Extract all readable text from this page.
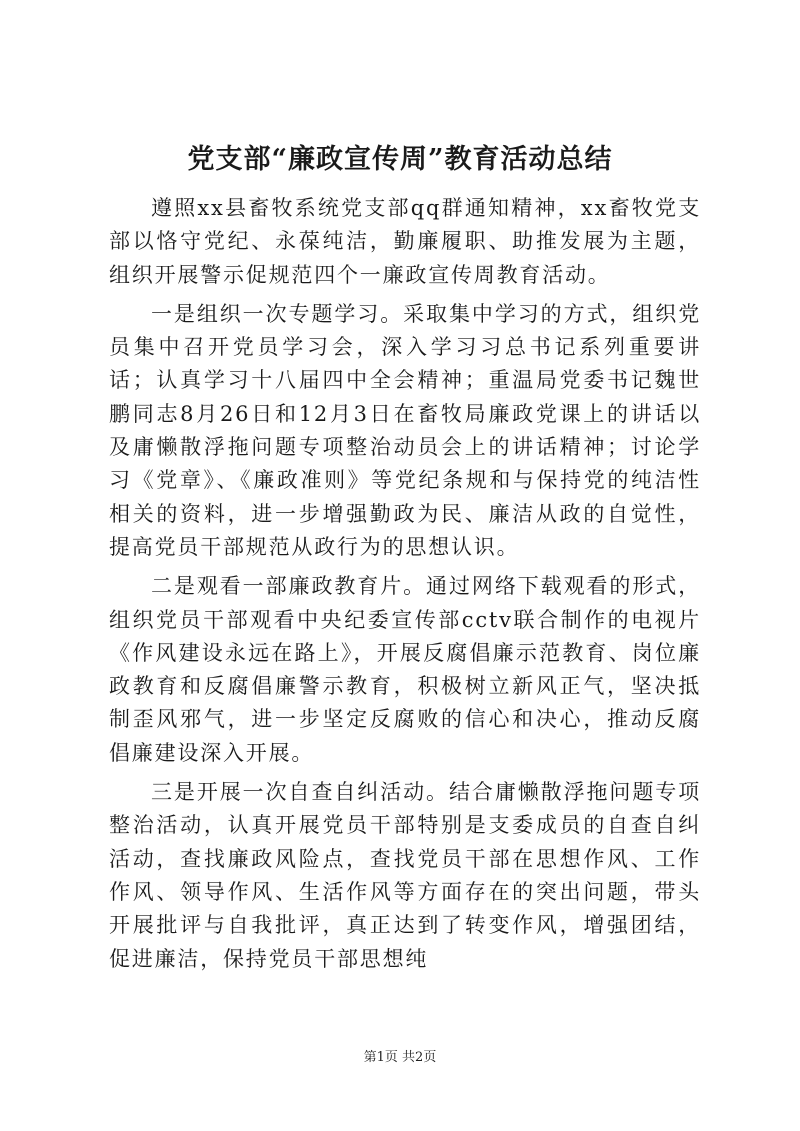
党支部“廉政宣传周”教育活动总结

遵照xx县畜牧系统党支部qq群通知精神，xx畜牧党支部以恪守党纪、永葆纯洁，勤廉履职、助推发展为主题，组织开展警示促规范四个一廉政宣传周教育活动。

一是组织一次专题学习。采取集中学习的方式，组织党员集中召开党员学习会，深入学习习总书记系列重要讲话；认真学习十八届四中全会精神；重温局党委书记魏世鹏同志8月26日和12月3日在畜牧局廉政党课上的讲话以及庸懒散浮拖问题专项整治动员会上的讲话精神；讨论学习《党章》、《廉政准则》等党纪条规和与保持党的纯洁性相关的资料，进一步增强勤政为民、廉洁从政的自觉性，提高党员干部规范从政行为的思想认识。

二是观看一部廉政教育片。通过网络下载观看的形式，组织党员干部观看中央纪委宣传部cctv联合制作的电视片《作风建设永远在路上》，开展反腐倡廉示范教育、岗位廉政教育和反腐倡廉警示教育，积极树立新风正气，坚决抵制歪风邪气，进一步坚定反腐败的信心和决心，推动反腐倡廉建设深入开展。

三是开展一次自查自纠活动。结合庸懒散浮拖问题专项整治活动，认真开展党员干部特别是支委成员的自查自纠活动，查找廉政风险点，查找党员干部在思想作风、工作作风、领导作风、生活作风等方面存在的突出问题，带头开展批评与自我批评，真正达到了转变作风，增强团结，促进廉洁，保持党员干部思想纯

第1页 共2页
